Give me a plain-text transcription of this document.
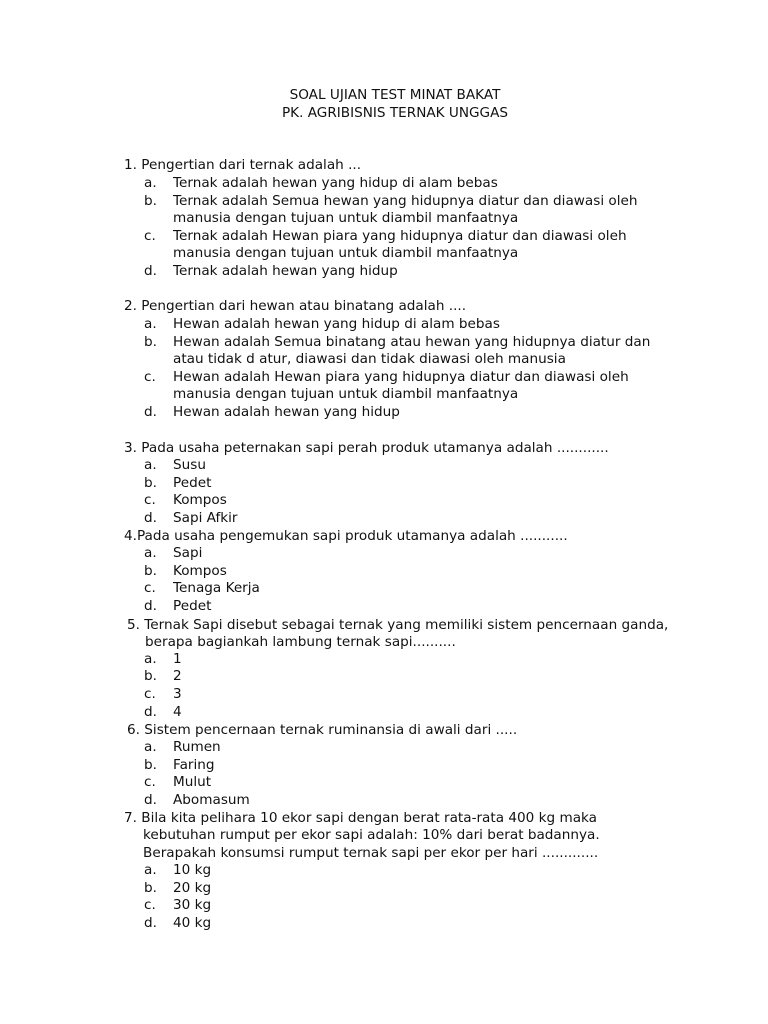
SOAL UJIAN TEST MINAT BAKAT
PK. AGRIBISNIS TERNAK UNGGAS
1. Pengertian dari ternak adalah ...
a. Ternak adalah hewan yang hidup di alam bebas
b. Ternak adalah Semua hewan yang hidupnya diatur dan diawasi oleh
manusia dengan tujuan untuk diambil manfaatnya
c. Ternak adalah Hewan piara yang hidupnya diatur dan diawasi oleh
manusia dengan tujuan untuk diambil manfaatnya
d. Ternak adalah hewan yang hidup
2. Pengertian dari hewan atau binatang adalah ....
a. Hewan adalah hewan yang hidup di alam bebas
b. Hewan adalah Semua binatang atau hewan yang hidupnya diatur dan
atau tidak d atur, diawasi dan tidak diawasi oleh manusia
c. Hewan adalah Hewan piara yang hidupnya diatur dan diawasi oleh
manusia dengan tujuan untuk diambil manfaatnya
d. Hewan adalah hewan yang hidup
3. Pada usaha peternakan sapi perah produk utamanya adalah ............
a. Susu
b. Pedet
c. Kompos
d. Sapi Afkir
4.Pada usaha pengemukan sapi produk utamanya adalah ...........
a. Sapi
b. Kompos
c. Tenaga Kerja
d. Pedet
5. Ternak Sapi disebut sebagai ternak yang memiliki sistem pencernaan ganda,
berapa bagiankah lambung ternak sapi..........
a. 1
b. 2
c. 3
d. 4
6. Sistem pencernaan ternak ruminansia di awali dari .....
a. Rumen
b. Faring
c. Mulut
d. Abomasum
7. Bila kita pelihara 10 ekor sapi dengan berat rata-rata 400 kg maka
kebutuhan rumput per ekor sapi adalah: 10% dari berat badannya.
Berapakah konsumsi rumput ternak sapi per ekor per hari .............
a. 10 kg
b. 20 kg
c. 30 kg
d. 40 kg
